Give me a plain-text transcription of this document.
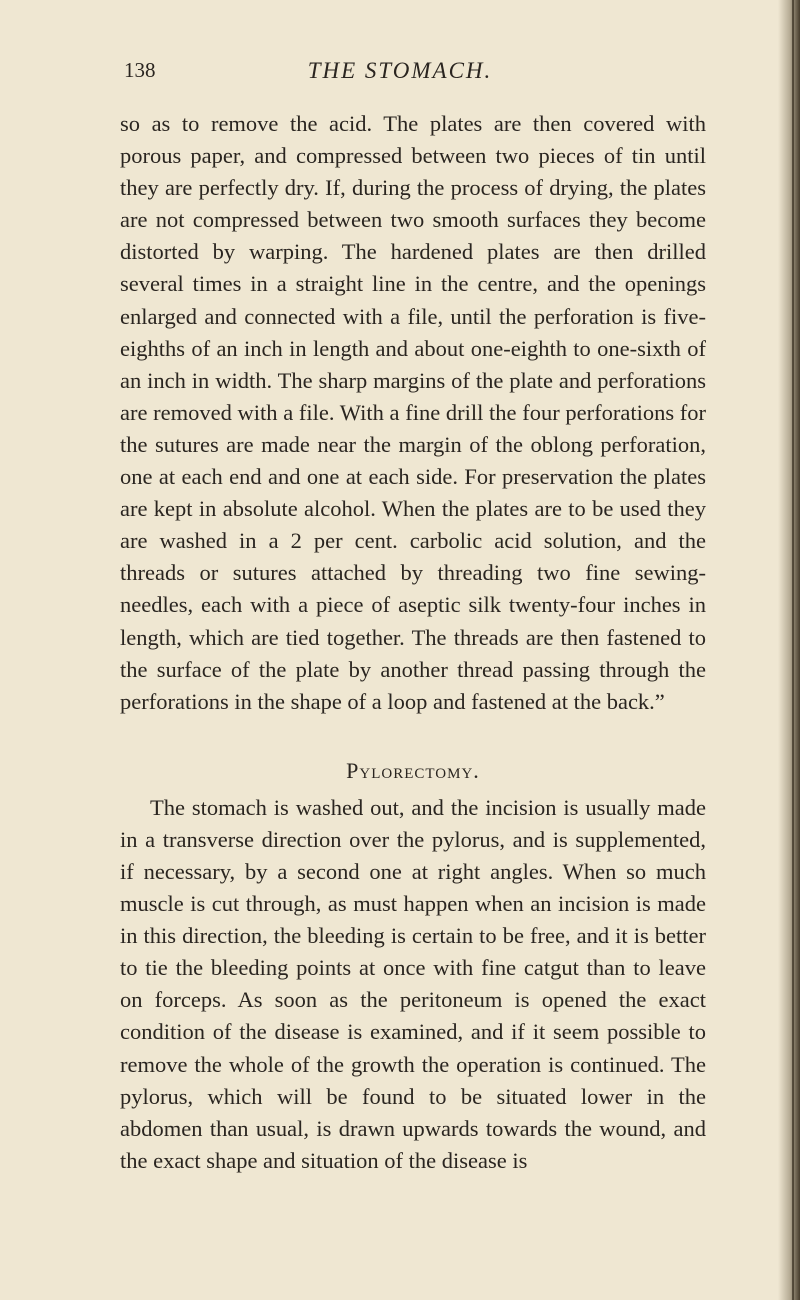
138	THE STOMACH.

so as to remove the acid. The plates are then covered with porous paper, and compressed between two pieces of tin until they are perfectly dry. If, during the process of drying, the plates are not compressed between two smooth surfaces they become distorted by warping. The hardened plates are then drilled several times in a straight line in the centre, and the openings enlarged and connected with a file, until the perforation is five-eighths of an inch in length and about one-eighth to one-sixth of an inch in width. The sharp margins of the plate and perforations are removed with a file. With a fine drill the four perforations for the sutures are made near the margin of the oblong perforation, one at each end and one at each side. For preservation the plates are kept in absolute alcohol. When the plates are to be used they are washed in a 2 per cent. carbolic acid solution, and the threads or sutures attached by threading two fine sewing-needles, each with a piece of aseptic silk twenty-four inches in length, which are tied together. The threads are then fastened to the surface of the plate by another thread passing through the perforations in the shape of a loop and fastened at the back.”

Pylorectomy.

The stomach is washed out, and the incision is usually made in a transverse direction over the pylorus, and is supplemented, if necessary, by a second one at right angles. When so much muscle is cut through, as must happen when an incision is made in this direction, the bleeding is certain to be free, and it is better to tie the bleeding points at once with fine catgut than to leave on forceps. As soon as the peritoneum is opened the exact condition of the disease is examined, and if it seem possible to remove the whole of the growth the operation is continued. The pylorus, which will be found to be situated lower in the abdomen than usual, is drawn upwards towards the wound, and the exact shape and situation of the disease is
